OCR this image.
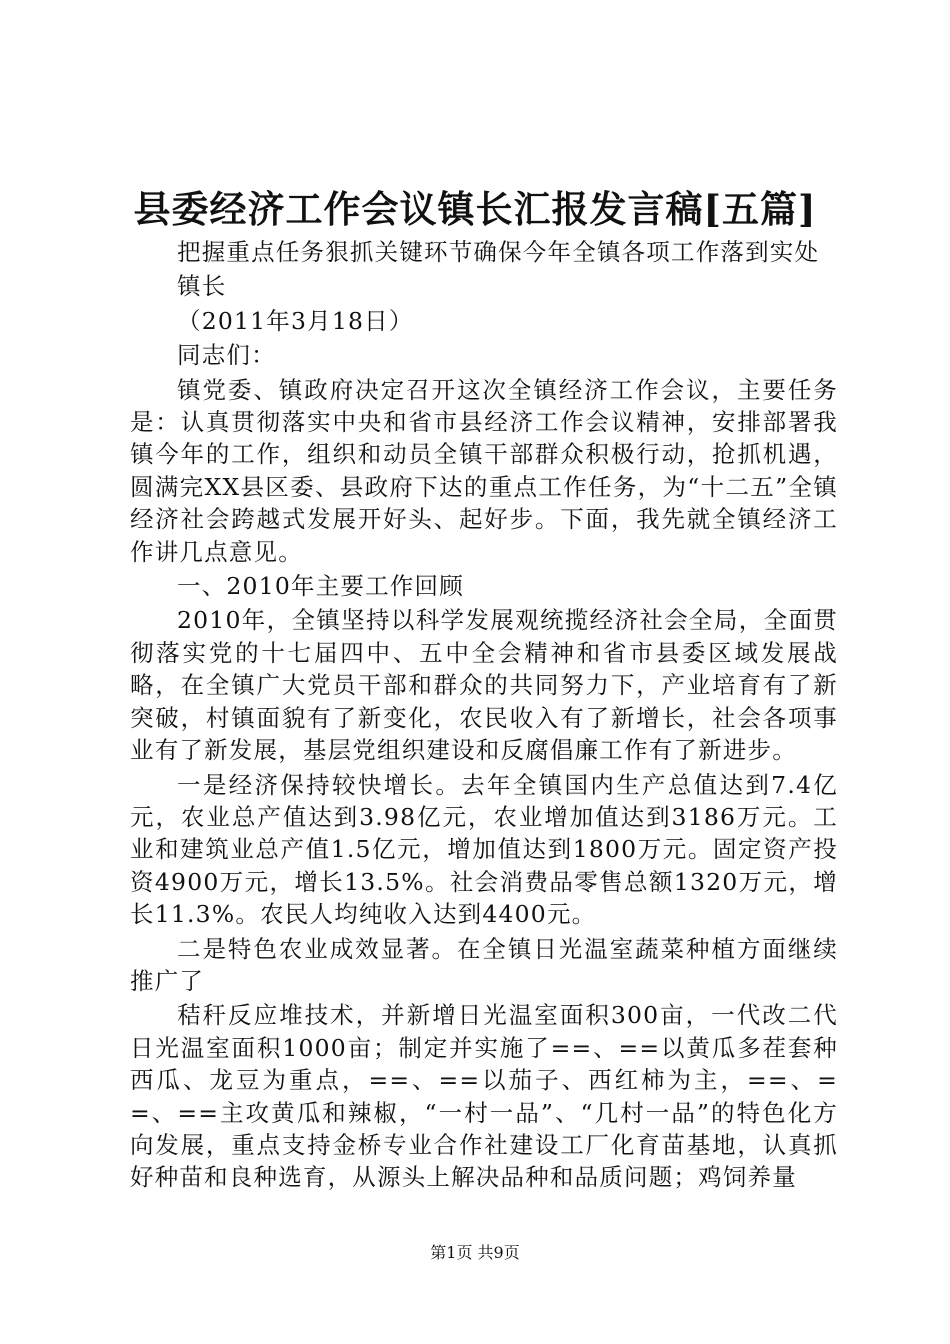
县委经济工作会议镇长汇报发言稿[五篇]

把握重点任务狠抓关键环节确保今年全镇各项工作落到实处

镇长

（2011年3月18日）

同志们：

镇党委、镇政府决定召开这次全镇经济工作会议，主要任务是：认真贯彻落实中央和省市县经济工作会议精神，安排部署我镇今年的工作，组织和动员全镇干部群众积极行动，抢抓机遇，圆满完XX县区委、县政府下达的重点工作任务，为“十二五”全镇经济社会跨越式发展开好头、起好步。下面，我先就全镇经济工作讲几点意见。

一、2010年主要工作回顾

2010年，全镇坚持以科学发展观统揽经济社会全局，全面贯彻落实党的十七届四中、五中全会精神和省市县委区域发展战略，在全镇广大党员干部和群众的共同努力下，产业培育有了新突破，村镇面貌有了新变化，农民收入有了新增长，社会各项事业有了新发展，基层党组织建设和反腐倡廉工作有了新进步。

一是经济保持较快增长。去年全镇国内生产总值达到7.4亿元，农业总产值达到3.98亿元，农业增加值达到3186万元。工业和建筑业总产值1.5亿元，增加值达到1800万元。固定资产投资4900万元，增长13.5%。社会消费品零售总额1320万元，增长11.3%。农民人均纯收入达到4400元。

二是特色农业成效显著。在全镇日光温室蔬菜种植方面继续推广了

秸秆反应堆技术，并新增日光温室面积300亩，一代改二代日光温室面积1000亩；制定并实施了==、==以黄瓜多茬套种西瓜、龙豆为重点，==、==以茄子、西红柿为主，==、==、==主攻黄瓜和辣椒，“一村一品”、“几村一品”的特色化方向发展，重点支持金桥专业合作社建设工厂化育苗基地，认真抓好种苗和良种选育，从源头上解决品种和品质问题；鸡饲养量

第1页 共9页
